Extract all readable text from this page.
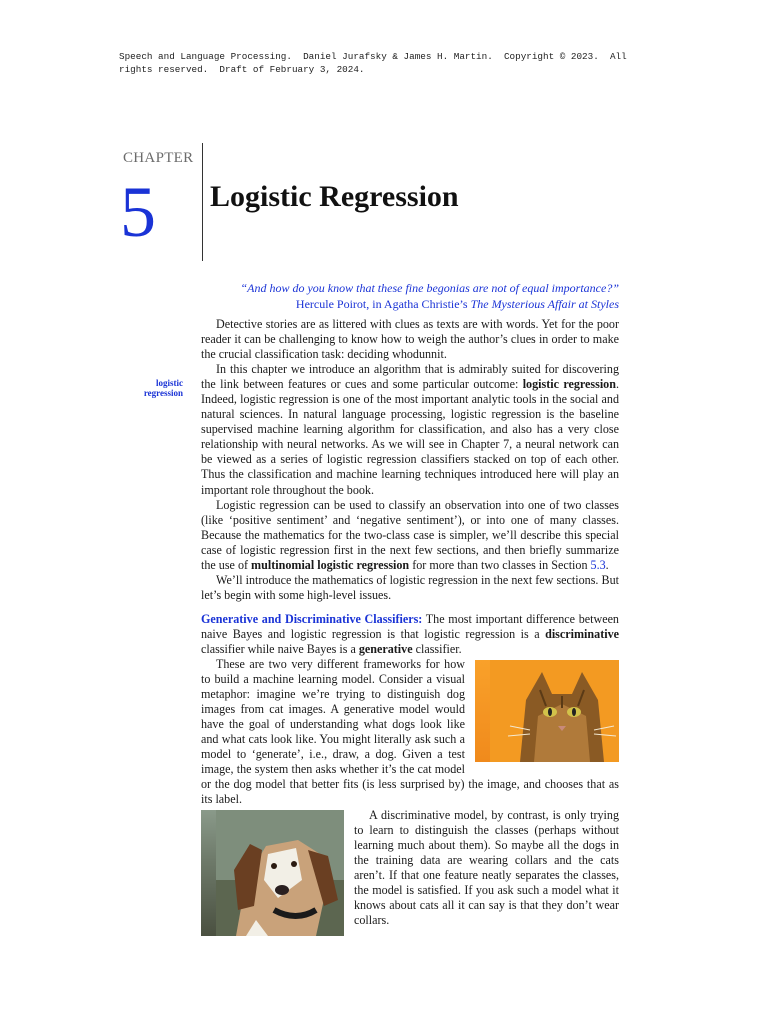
Speech and Language Processing.  Daniel Jurafsky & James H. Martin.  Copyright © 2023.  All rights reserved.  Draft of February 3, 2024.
CHAPTER
5 Logistic Regression
“And how do you know that these fine begonias are not of equal importance?”
Hercule Poirot, in Agatha Christie’s The Mysterious Affair at Styles
logistic
regression

Detective stories are as littered with clues as texts are with words. Yet for the poor reader it can be challenging to know how to weigh the author’s clues in order to make the crucial classification task: deciding whodunnit.

In this chapter we introduce an algorithm that is admirably suited for discovering the link between features or cues and some particular outcome: logistic regression. Indeed, logistic regression is one of the most important analytic tools in the social and natural sciences. In natural language processing, logistic regression is the baseline supervised machine learning algorithm for classification, and also has a very close relationship with neural networks. As we will see in Chapter 7, a neural network can be viewed as a series of logistic regression classifiers stacked on top of each other. Thus the classification and machine learning techniques introduced here will play an important role throughout the book.

Logistic regression can be used to classify an observation into one of two classes (like ‘positive sentiment’ and ‘negative sentiment’), or into one of many classes. Because the mathematics for the two-class case is simpler, we’ll describe this special case of logistic regression first in the next few sections, and then briefly summarize the use of multinomial logistic regression for more than two classes in Section 5.3.

We’ll introduce the mathematics of logistic regression in the next few sections. But let’s begin with some high-level issues.

Generative and Discriminative Classifiers: The most important difference between naive Bayes and logistic regression is that logistic regression is a discriminative classifier while naive Bayes is a generative classifier.

These are two very different frameworks for how to build a machine learning model. Consider a visual metaphor: imagine we’re trying to distinguish dog images from cat images. A generative model would have the goal of understanding what dogs look like and what cats look like. You might literally ask such a model to ‘generate’, i.e., draw, a dog. Given a test image, the system then asks whether it’s the cat model or the dog model that better fits (is less surprised by) the image, and chooses that as its label.

A discriminative model, by contrast, is only trying to learn to distinguish the classes (perhaps without learning much about them). So maybe all the dogs in the training data are wearing collars and the cats aren’t. If that one feature neatly separates the classes, the model is satisfied. If you ask such a model what it knows about cats all it can say is that they don’t wear collars.
